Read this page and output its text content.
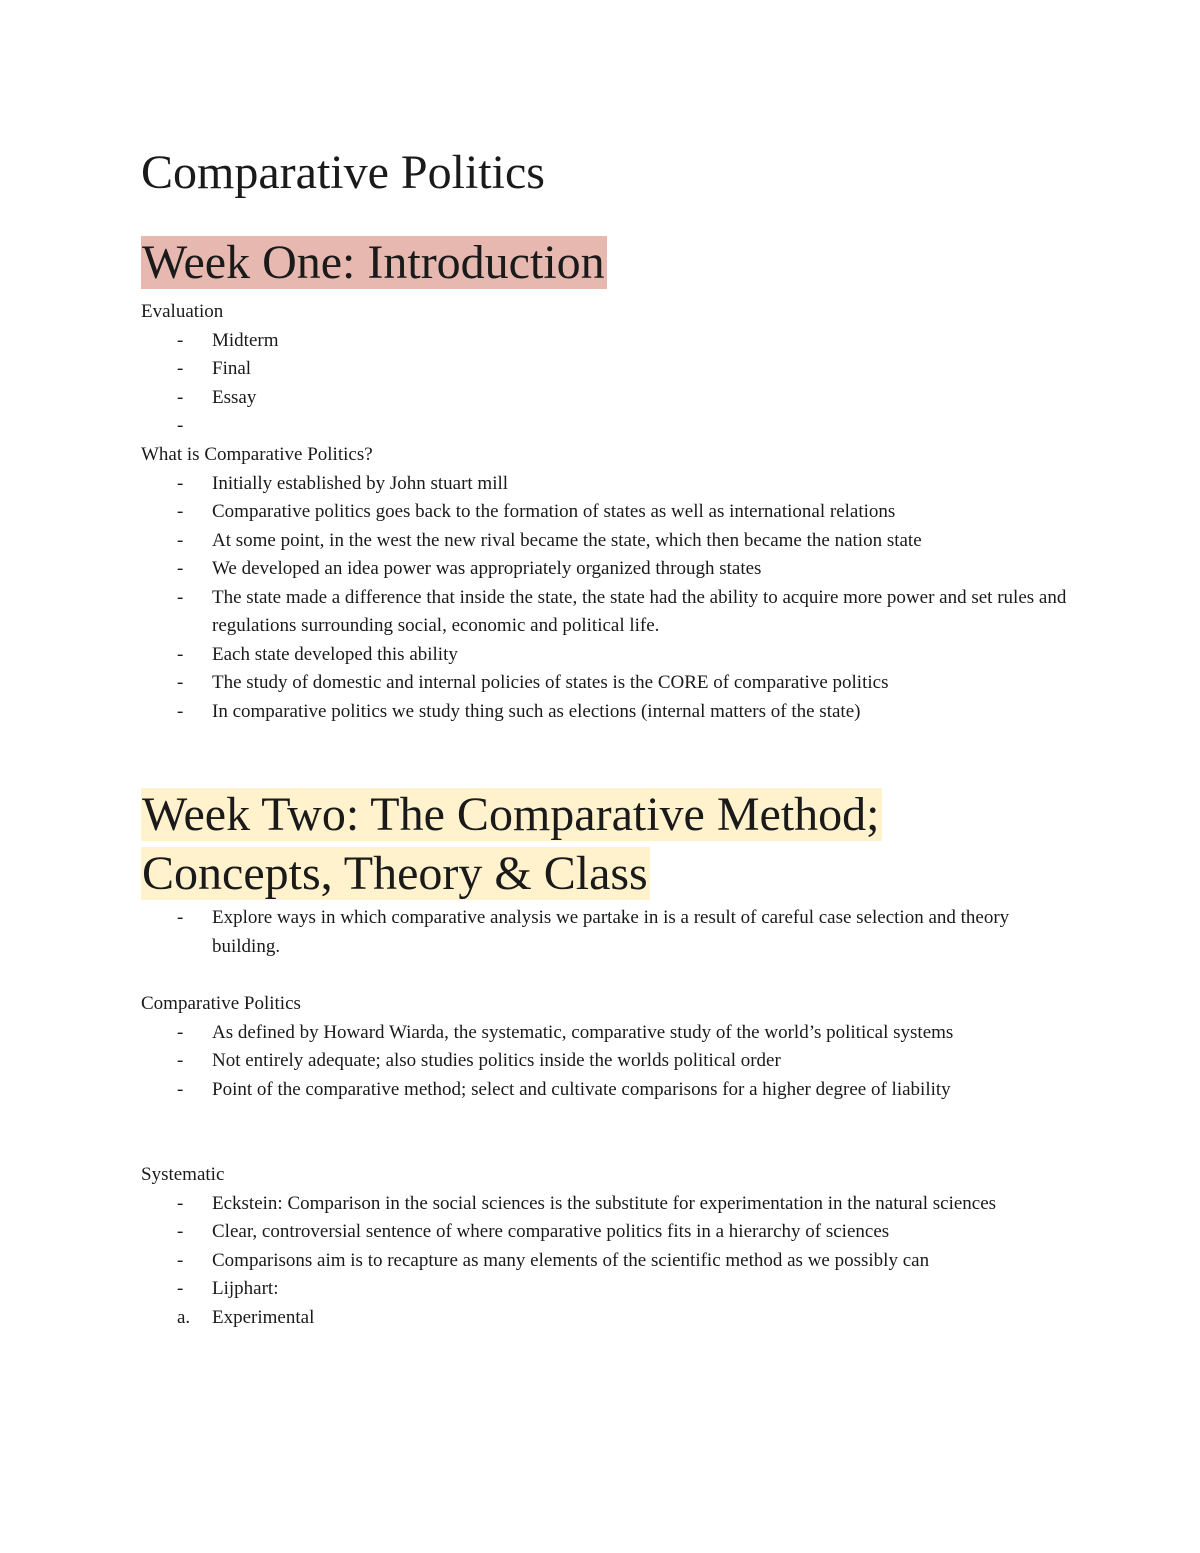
Comparative Politics
Week One: Introduction

Evaluation

- Midterm
- Final
- Essay
-

What is Comparative Politics?

- Initially established by John stuart mill
- Comparative politics goes back to the formation of states as well as international relations
- At some point, in the west the new rival became the state, which then became the nation state
- We developed an idea power was appropriately organized through states
- The state made a difference that inside the state, the state had the ability to acquire more power and set rules and regulations surrounding social, economic and political life.
- Each state developed this ability
- The study of domestic and internal policies of states is the CORE of comparative politics
- In comparative politics we study thing such as elections (internal matters of the state)
Week Two: The Comparative Method; Concepts, Theory & Class
- Explore ways in which comparative analysis we partake in is a result of careful case selection and theory building.

Comparative Politics

- As defined by Howard Wiarda, the systematic, comparative study of the world’s political systems
- Not entirely adequate; also studies politics inside the worlds political order
- Point of the comparative method; select and cultivate comparisons for a higher degree of liability

Systematic

- Eckstein: Comparison in the social sciences is the substitute for experimentation in the natural sciences
- Clear, controversial sentence of where comparative politics fits in a hierarchy of sciences
- Comparisons aim is to recapture as many elements of the scientific method as we possibly can
- Lijphart:
a. Experimental
